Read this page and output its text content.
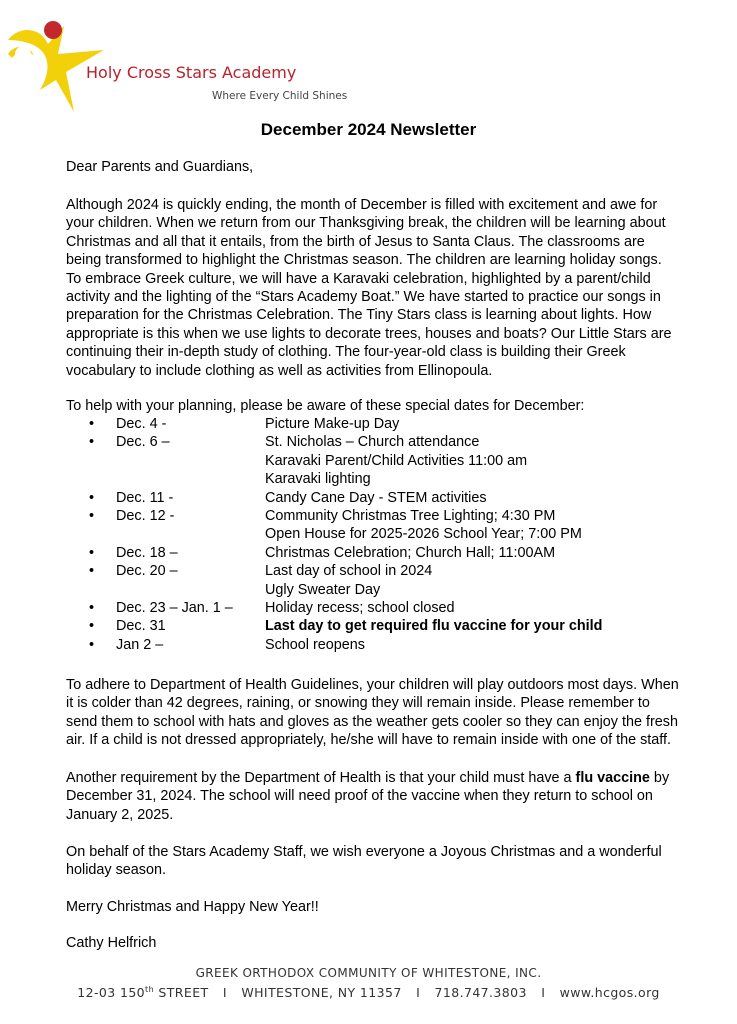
Holy Cross Stars Academy
Where Every Child Shines
December 2024 Newsletter

Dear Parents and Guardians,

Although 2024 is quickly ending, the month of December is filled with excitement and awe for
your children. When we return from our Thanksgiving break, the children will be learning about
Christmas and all that it entails, from the birth of Jesus to Santa Claus. The classrooms are
being transformed to highlight the Christmas season. The children are learning holiday songs.
To embrace Greek culture, we will have a Karavaki celebration, highlighted by a parent/child
activity and the lighting of the “Stars Academy Boat.” We have started to practice our songs in
preparation for the Christmas Celebration. The Tiny Stars class is learning about lights. How
appropriate is this when we use lights to decorate trees, houses and boats? Our Little Stars are
continuing their in-depth study of clothing. The four-year-old class is building their Greek
vocabulary to include clothing as well as activities from Ellinopoula.

To help with your planning, please be aware of these special dates for December:

• Dec. 4 -	Picture Make-up Day
• Dec. 6 –	St. Nicholas – Church attendance
Karavaki Parent/Child Activities 11:00 am
Karavaki lighting
• Dec. 11 -	Candy Cane Day - STEM activities
• Dec. 12 -	Community Christmas Tree Lighting; 4:30 PM
Open House for 2025-2026 School Year; 7:00 PM
• Dec. 18 –	Christmas Celebration; Church Hall; 11:00AM
• Dec. 20 –	Last day of school in 2024
Ugly Sweater Day
• Dec. 23 – Jan. 1 – Holiday recess; school closed
• Dec. 31	Last day to get required flu vaccine for your child
• Jan 2 –	School reopens

To adhere to Department of Health Guidelines, your children will play outdoors most days. When
it is colder than 42 degrees, raining, or snowing they will remain inside. Please remember to
send them to school with hats and gloves as the weather gets cooler so they can enjoy the fresh
air. If a child is not dressed appropriately, he/she will have to remain inside with one of the staff.

Another requirement by the Department of Health is that your child must have a flu vaccine by
December 31, 2024. The school will need proof of the vaccine when they return to school on
January 2, 2025.

On behalf of the Stars Academy Staff, we wish everyone a Joyous Christmas and a wonderful
holiday season.

Merry Christmas and Happy New Year!!

Cathy Helfrich

GREEK ORTHODOX COMMUNITY OF WHITESTONE, INC.
12-03 150th STREET I WHITESTONE, NY 11357 I 718.747.3803 I www.hcgos.org
